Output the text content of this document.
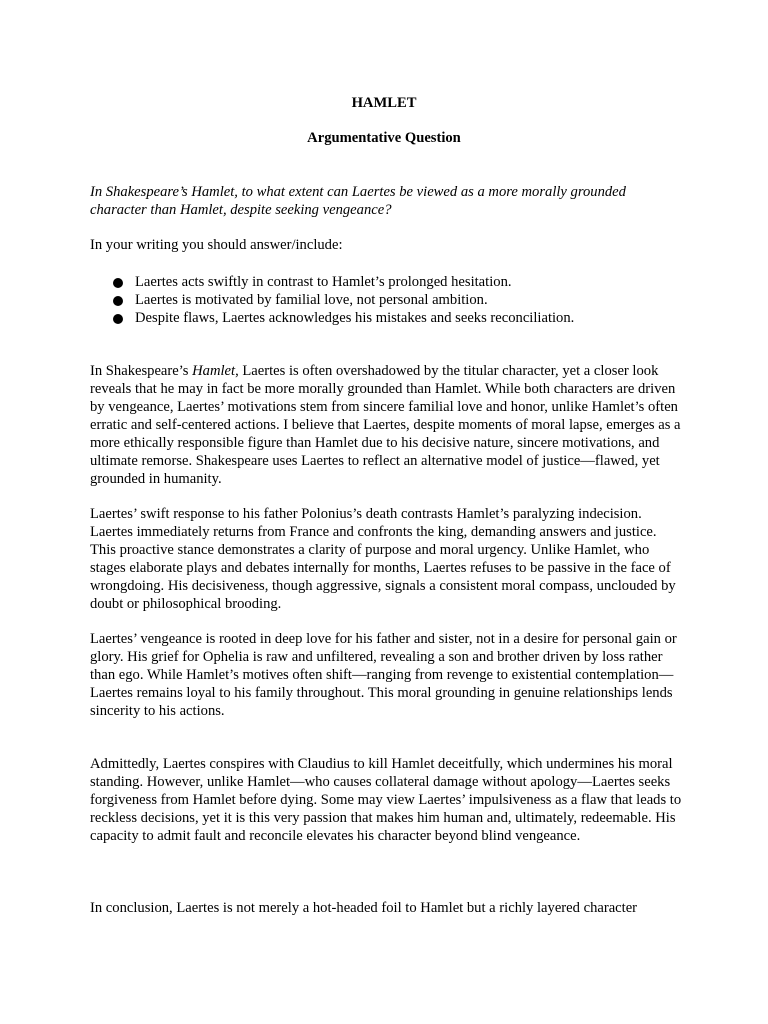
HAMLET
Argumentative Question

In Shakespeare’s Hamlet, to what extent can Laertes be viewed as a more morally grounded character than Hamlet, despite seeking vengeance?

In your writing you should answer/include:

Laertes acts swiftly in contrast to Hamlet’s prolonged hesitation.
Laertes is motivated by familial love, not personal ambition.
Despite flaws, Laertes acknowledges his mistakes and seeks reconciliation.

In Shakespeare’s Hamlet, Laertes is often overshadowed by the titular character, yet a closer look reveals that he may in fact be more morally grounded than Hamlet. While both characters are driven by vengeance, Laertes’ motivations stem from sincere familial love and honor, unlike Hamlet’s often erratic and self-centered actions. I believe that Laertes, despite moments of moral lapse, emerges as a more ethically responsible figure than Hamlet due to his decisive nature, sincere motivations, and ultimate remorse. Shakespeare uses Laertes to reflect an alternative model of justice—flawed, yet grounded in humanity.

Laertes’ swift response to his father Polonius’s death contrasts Hamlet’s paralyzing indecision. Laertes immediately returns from France and confronts the king, demanding answers and justice. This proactive stance demonstrates a clarity of purpose and moral urgency. Unlike Hamlet, who stages elaborate plays and debates internally for months, Laertes refuses to be passive in the face of wrongdoing. His decisiveness, though aggressive, signals a consistent moral compass, unclouded by doubt or philosophical brooding.

Laertes’ vengeance is rooted in deep love for his father and sister, not in a desire for personal gain or glory. His grief for Ophelia is raw and unfiltered, revealing a son and brother driven by loss rather than ego. While Hamlet’s motives often shift—ranging from revenge to existential contemplation—Laertes remains loyal to his family throughout. This moral grounding in genuine relationships lends sincerity to his actions.

Admittedly, Laertes conspires with Claudius to kill Hamlet deceitfully, which undermines his moral standing. However, unlike Hamlet—who causes collateral damage without apology—Laertes seeks forgiveness from Hamlet before dying. Some may view Laertes’ impulsiveness as a flaw that leads to reckless decisions, yet it is this very passion that makes him human and, ultimately, redeemable. His capacity to admit fault and reconcile elevates his character beyond blind vengeance.

In conclusion, Laertes is not merely a hot-headed foil to Hamlet but a richly layered character
